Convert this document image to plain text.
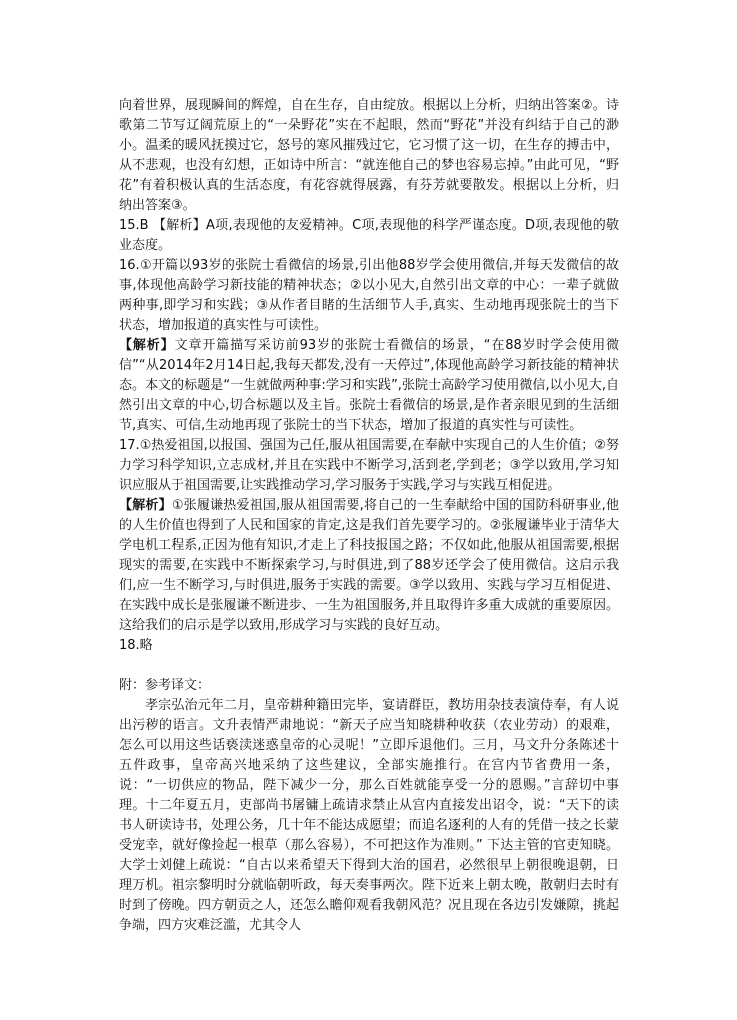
向着世界，展现瞬间的辉煌，自在生存，自由绽放。根据以上分析，归纳出答案②。诗歌第二节写辽阔荒原上的“一朵野花”实在不起眼，然而“野花”并没有纠结于自己的渺小。温柔的暖风抚摸过它，怒号的寒风摧残过它，它习惯了这一切，在生存的搏击中，从不悲观，也没有幻想，正如诗中所言：“就连他自己的梦也容易忘掉。”由此可见，“野花”有着积极认真的生活态度，有花容就得展露，有芬芳就要散发。根据以上分析，归纳出答案③。

15.B 【解析】A项,表现他的友爱精神。C项,表现他的科学严谨态度。D项,表现他的敬业态度。

16.①开篇以93岁的张院士看微信的场景,引出他88岁学会使用微信,并每天发微信的故事,体现他高龄学习新技能的精神状态；②以小见大,自然引出文章的中心：一辈子就做两种事,即学习和实践；③从作者目睹的生活细节人手,真实、生动地再现张院士的当下状态，增加报道的真实性与可读性。

【解析】文章开篇描写采访前93岁的张院士看微信的场景，“在88岁时学会使用微信”“从2014年2月14日起,我每天都发,没有一天停过”,体现他高龄学习新技能的精神状态。本文的标题是“一生就做两种事:学习和实践”,张院士高龄学习使用微信,以小见大,自然引出文章的中心,切合标题以及主旨。张院士看微信的场景,是作者亲眼见到的生活细节,真实、可信,生动地再现了张院士的当下状态，增加了报道的真实性与可读性。

17.①热爱祖国,以报国、强国为己任,服从祖国需要,在奉献中实现自己的人生价值；②努力学习科学知识,立志成材,并且在实践中不断学习,活到老,学到老；③学以致用,学习知识应服从于祖国需要,让实践推动学习,学习服务于实践,学习与实践互相促进。

【解析】①张履谦热爱祖国,服从祖国需要,将自己的一生奉献给中国的国防科研事业,他的人生价值也得到了人民和国家的肯定,这是我们首先要学习的。②张履谦毕业于清华大学电机工程系,正因为他有知识,才走上了科技报国之路；不仅如此,他服从祖国需要,根据现实的需要,在实践中不断探索学习,与时俱进,到了88岁还学会了使用微信。这启示我们,应一生不断学习,与时俱进,服务于实践的需要。③学以致用、实践与学习互相促进、在实践中成长是张履谦不断进步、一生为祖国服务,并且取得许多重大成就的重要原因。这给我们的启示是学以致用,形成学习与实践的良好互动。

18.略

附：参考译文：

孝宗弘治元年二月，皇帝耕种籍田完毕，宴请群臣，教坊用杂技表演侍奉，有人说出污秽的语言。文升表情严肃地说：“新天子应当知晓耕种收获（农业劳动）的艰难，怎么可以用这些话亵渎迷惑皇帝的心灵呢！”立即斥退他们。三月，马文升分条陈述十五件政事，皇帝高兴地采纳了这些建议，全部实施推行。在宫内节省费用一条，说：“一切供应的物品，陛下减少一分，那么百姓就能享受一分的恩赐。”言辞切中事理。十二年夏五月，吏部尚书屠镛上疏请求禁止从宫内直接发出诏令，说：“天下的读书人研读诗书，处理公务，几十年不能达成愿望；而追名逐利的人有的凭借一技之长蒙受宠幸，就好像捡起一根草（那么容易），不可把这作为准则。” 下达主管的官吏知晓。大学士刘健上疏说：“自古以来希望天下得到大治的国君，必然很早上朝很晚退朝，日理万机。祖宗黎明时分就临朝听政，每天奏事两次。陛下近来上朝太晚，散朝归去时有时到了傍晚。四方朝贡之人，还怎么瞻仰观看我朝风范？况且现在各边引发嫌隙，挑起争端，四方灾难泛滥，尤其令人
